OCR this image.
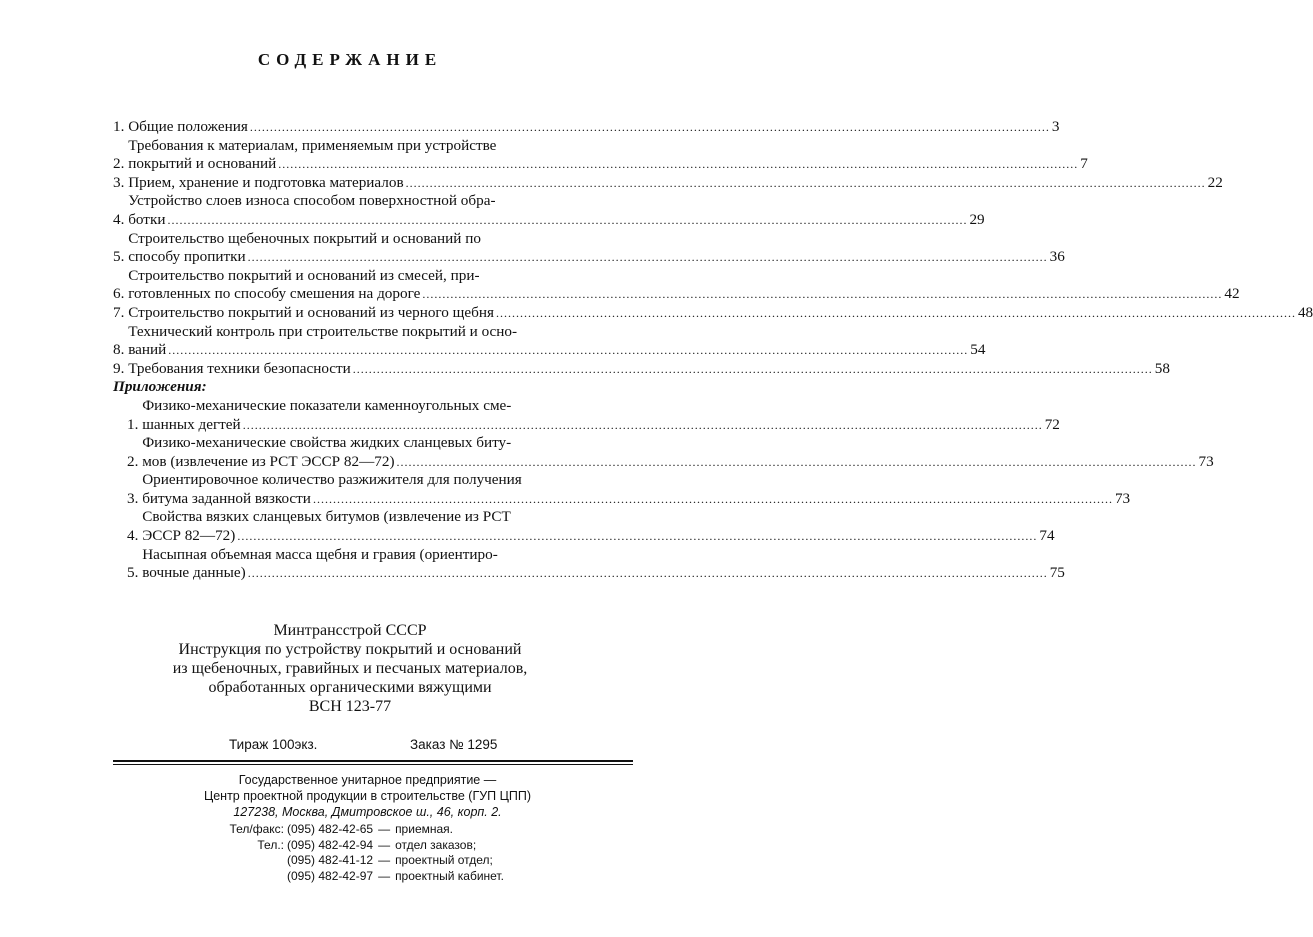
СОДЕРЖАНИЕ
1. Общие положения ........................................................................................................................................................................................................ 3
2.
Требования к материалам, применяемым при устройстве
покрытий и оснований ........................................................................................................................................................................................................ 7
3. Прием, хранение и подготовка материалов ........................................................................................................................................................................................................ 22
4.
Устройство слоев износа способом поверхностной обра-
ботки ........................................................................................................................................................................................................ 29
5.
Строительство щебеночных покрытий и оснований по
способу пропитки ........................................................................................................................................................................................................ 36
6.
Строительство покрытий и оснований из смесей, при-
готовленных по способу смешения на дороге ........................................................................................................................................................................................................ 42
7. Строительство покрытий и оснований из черного щебня ........................................................................................................................................................................................................ 48
8.
Технический контроль при строительстве покрытий и осно-
ваний ........................................................................................................................................................................................................ 54
9. Требования техники безопасности ........................................................................................................................................................................................................ 58
Приложения:
1.
Физико-механические показатели каменноугольных сме-
шанных дегтей ........................................................................................................................................................................................................ 72
2.
Физико-механические свойства жидких сланцевых биту-
мов (извлечение из РСТ ЭССР 82—72) ........................................................................................................................................................................................................ 73
3.
Ориентировочное количество разжижителя для получения
битума заданной вязкости ........................................................................................................................................................................................................ 73
4.
Свойства вязких сланцевых битумов (извлечение из РСТ
ЭССР 82—72) ........................................................................................................................................................................................................ 74
5.
Насыпная объемная масса щебня и гравия (ориентиро-
вочные данные) ........................................................................................................................................................................................................ 75
Минтрансстрой СССР
Инструкция по устройству покрытий и оснований
из щебеночных, гравийных и песчаных материалов,
обработанных органическими вяжущими
ВСН 123-77
Тираж 100экз.	Заказ № 1295
Государственное унитарное предприятие —
Центр проектной продукции в строительстве (ГУП ЦПП)
127238, Москва, Дмитровское ш., 46, корп. 2.
Тел/факс: (095) 482-42-65 — приемная.
Тел.: (095) 482-42-94 — отдел заказов;
(095) 482-41-12 — проектный отдел;
(095) 482-42-97 — проектный кабинет.
